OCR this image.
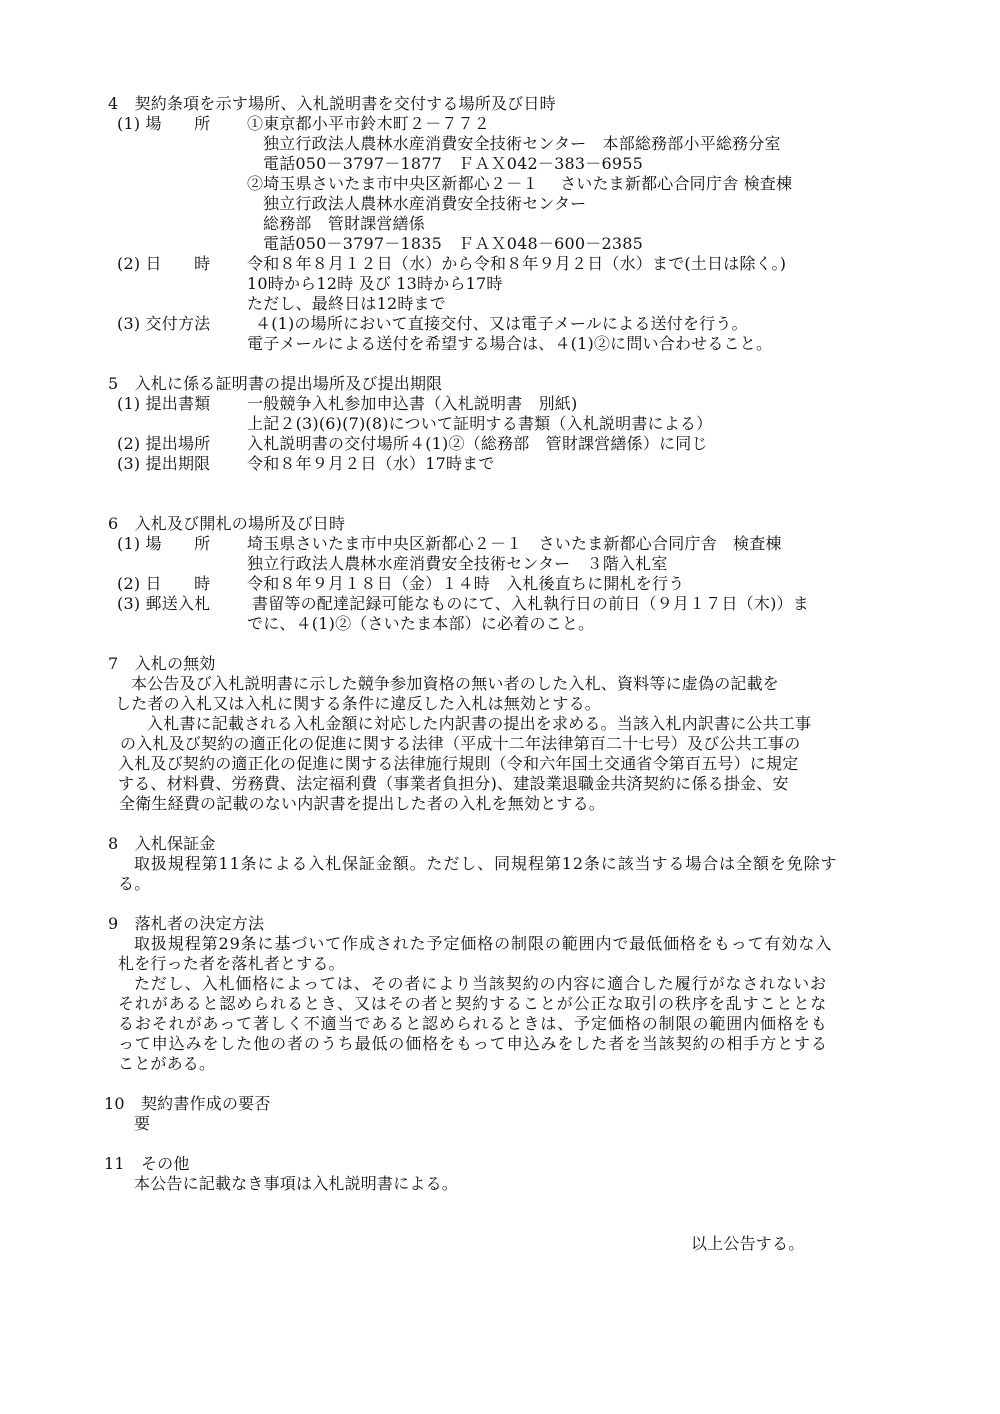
4　契約条項を示す場所、入札説明書を交付する場所及び日時
(1) 場　　所 ①東京都小平市鈴木町２－７７２
独立行政法人農林水産消費安全技術センター　本部総務部小平総務分室
電話050－3797－1877　ＦＡＸ042－383－6955
②埼玉県さいたま市中央区新都心２－１　 さいたま新都心合同庁舎 検査棟
独立行政法人農林水産消費安全技術センター
総務部　管財課営繕係
電話050－3797－1835　ＦＡＸ048－600－2385
(2) 日　　時 令和８年８月１２日（水）から令和８年９月２日（水）まで(土日は除く。)
10時から12時 及び 13時から17時
ただし、最終日は12時まで
(3) 交付方法	４(1)の場所において直接交付、又は電子メールによる送付を行う。
電子メールによる送付を希望する場合は、４(1)②に問い合わせること。
5　入札に係る証明書の提出場所及び提出期限
(1) 提出書類 一般競争入札参加申込書（入札説明書　別紙)
上記２(3)(6)(7)(8)について証明する書類（入札説明書による）
(2) 提出場所 入札説明書の交付場所４(1)②（総務部　管財課営繕係）に同じ
(3) 提出期限 令和８年９月２日（水）17時まで
6　入札及び開札の場所及び日時
(1) 場　　所 埼玉県さいたま市中央区新都心２－１　さいたま新都心合同庁舎　検査棟
独立行政法人農林水産消費安全技術センター　３階入札室
(2) 日　　時 令和８年９月１８日（金）１４時　入札後直ちに開札を行う
(3) 郵送入札	書留等の配達記録可能なものにて、入札執行日の前日（９月１７日（木)）ま
でに、４(1)②（さいたま本部）に必着のこと。
7　入札の無効
本公告及び入札説明書に示した競争参加資格の無い者のした入札、資料等に虚偽の記載を
した者の入札又は入札に関する条件に違反した入札は無効とする。
入札書に記載される入札金額に対応した内訳書の提出を求める。当該入札内訳書に公共工事
の入札及び契約の適正化の促進に関する法律（平成十二年法律第百二十七号）及び公共工事の
入札及び契約の適正化の促進に関する法律施行規則（令和六年国土交通省令第百五号）に規定
する、材料費、労務費、法定福利費（事業者負担分)、建設業退職金共済契約に係る掛金、安
全衛生経費の記載のない内訳書を提出した者の入札を無効とする。
8　入札保証金
取扱規程第11条による入札保証金額。ただし、同規程第12条に該当する場合は全額を免除す
る。
9　落札者の決定方法
取扱規程第29条に基づいて作成された予定価格の制限の範囲内で最低価格をもって有効な入
札を行った者を落札者とする。
ただし、入札価格によっては、その者により当該契約の内容に適合した履行がなされないお
それがあると認められるとき、又はその者と契約することが公正な取引の秩序を乱すこととな
るおそれがあって著しく不適当であると認められるときは、予定価格の制限の範囲内価格をも
って申込みをした他の者のうち最低の価格をもって申込みをした者を当該契約の相手方とする
ことがある。
10　契約書作成の要否
要
11　その他
本公告に記載なき事項は入札説明書による。
以上公告する。
